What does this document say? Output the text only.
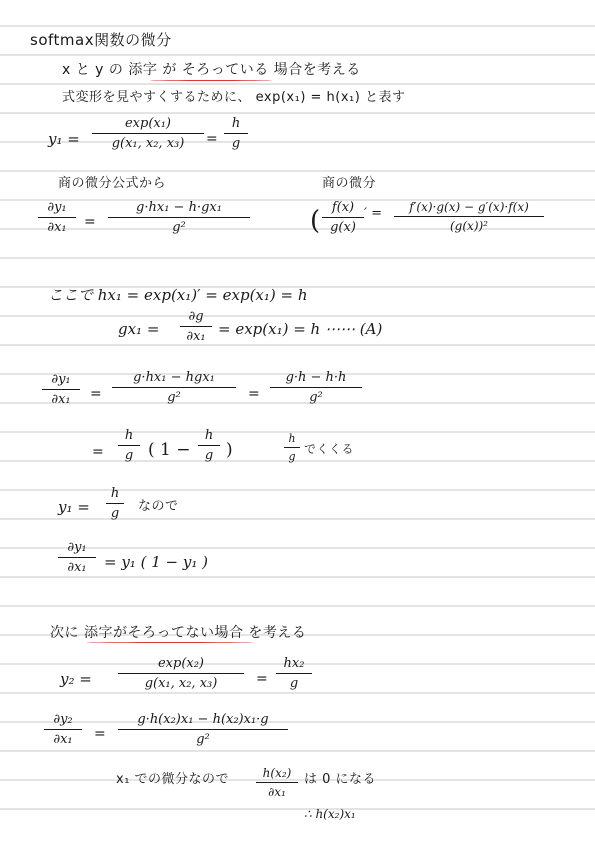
softmax関数の微分
x と y の 添字 が そろっている 場合を考える
式変形を見やすくするために、 exp(x₁) = h(x₁) と表す
$y_1 = \frac{\text{exp(x₁)}}{\text{g(x₁, x₂, x₃)}} = \frac{h}{g}$
商の微分公式から	商の微分
$\frac{\text{∂y₁}}{\text{∂x₁}} = \frac{\text{g·hx₁ − h·gx₁}}{\text{g²}}$ ( $\frac{f(x)}{g(x)}$ ′ = $\frac{f'(x)\cdot g(x) - g'(x)\cdot f(x)}{\text{(g(x))²}}$
ここで hx₁ = exp(x₁)′ = exp(x₁) = h
$gx_1 = \frac{\partial g}{\text{∂x₁}} = \exp(x_1) = h$ ⋯⋯ (A)
$\frac{\text{∂y₁}}{\text{∂x₁}}$ =
g·hx₁ − hgx₁
g²	= $\frac{g\cdot h - h\cdot h}{\text{g²}}$
= $\frac{h}{g}$ ( $1 - \frac{h}{g}$ )	$\frac{h}{g}$ でくくる
$y_1 = \frac{h}{g}$ なので
$\frac{\text{∂y₁}}{\text{∂x₁}} = y_1$ ( 1 − y₁ )
次に 添字がそろってない場合 を考える
$y_2 = \frac{\text{exp(x₂)}}{\text{g(x₁, x₂, x₃)}} = \frac{\text{hx₂}}{g}$
$\frac{\text{∂y₂}}{\text{∂x₁}} = \frac{\text{g·h(x₂)x₁ − h(x₂)x₁·g}}{\text{g²}}$
x₁ での微分なので $\frac{\text{h(x₂)}}{\text{∂x₁}}$ は 0 になる
∴ h(x₂)x₁
